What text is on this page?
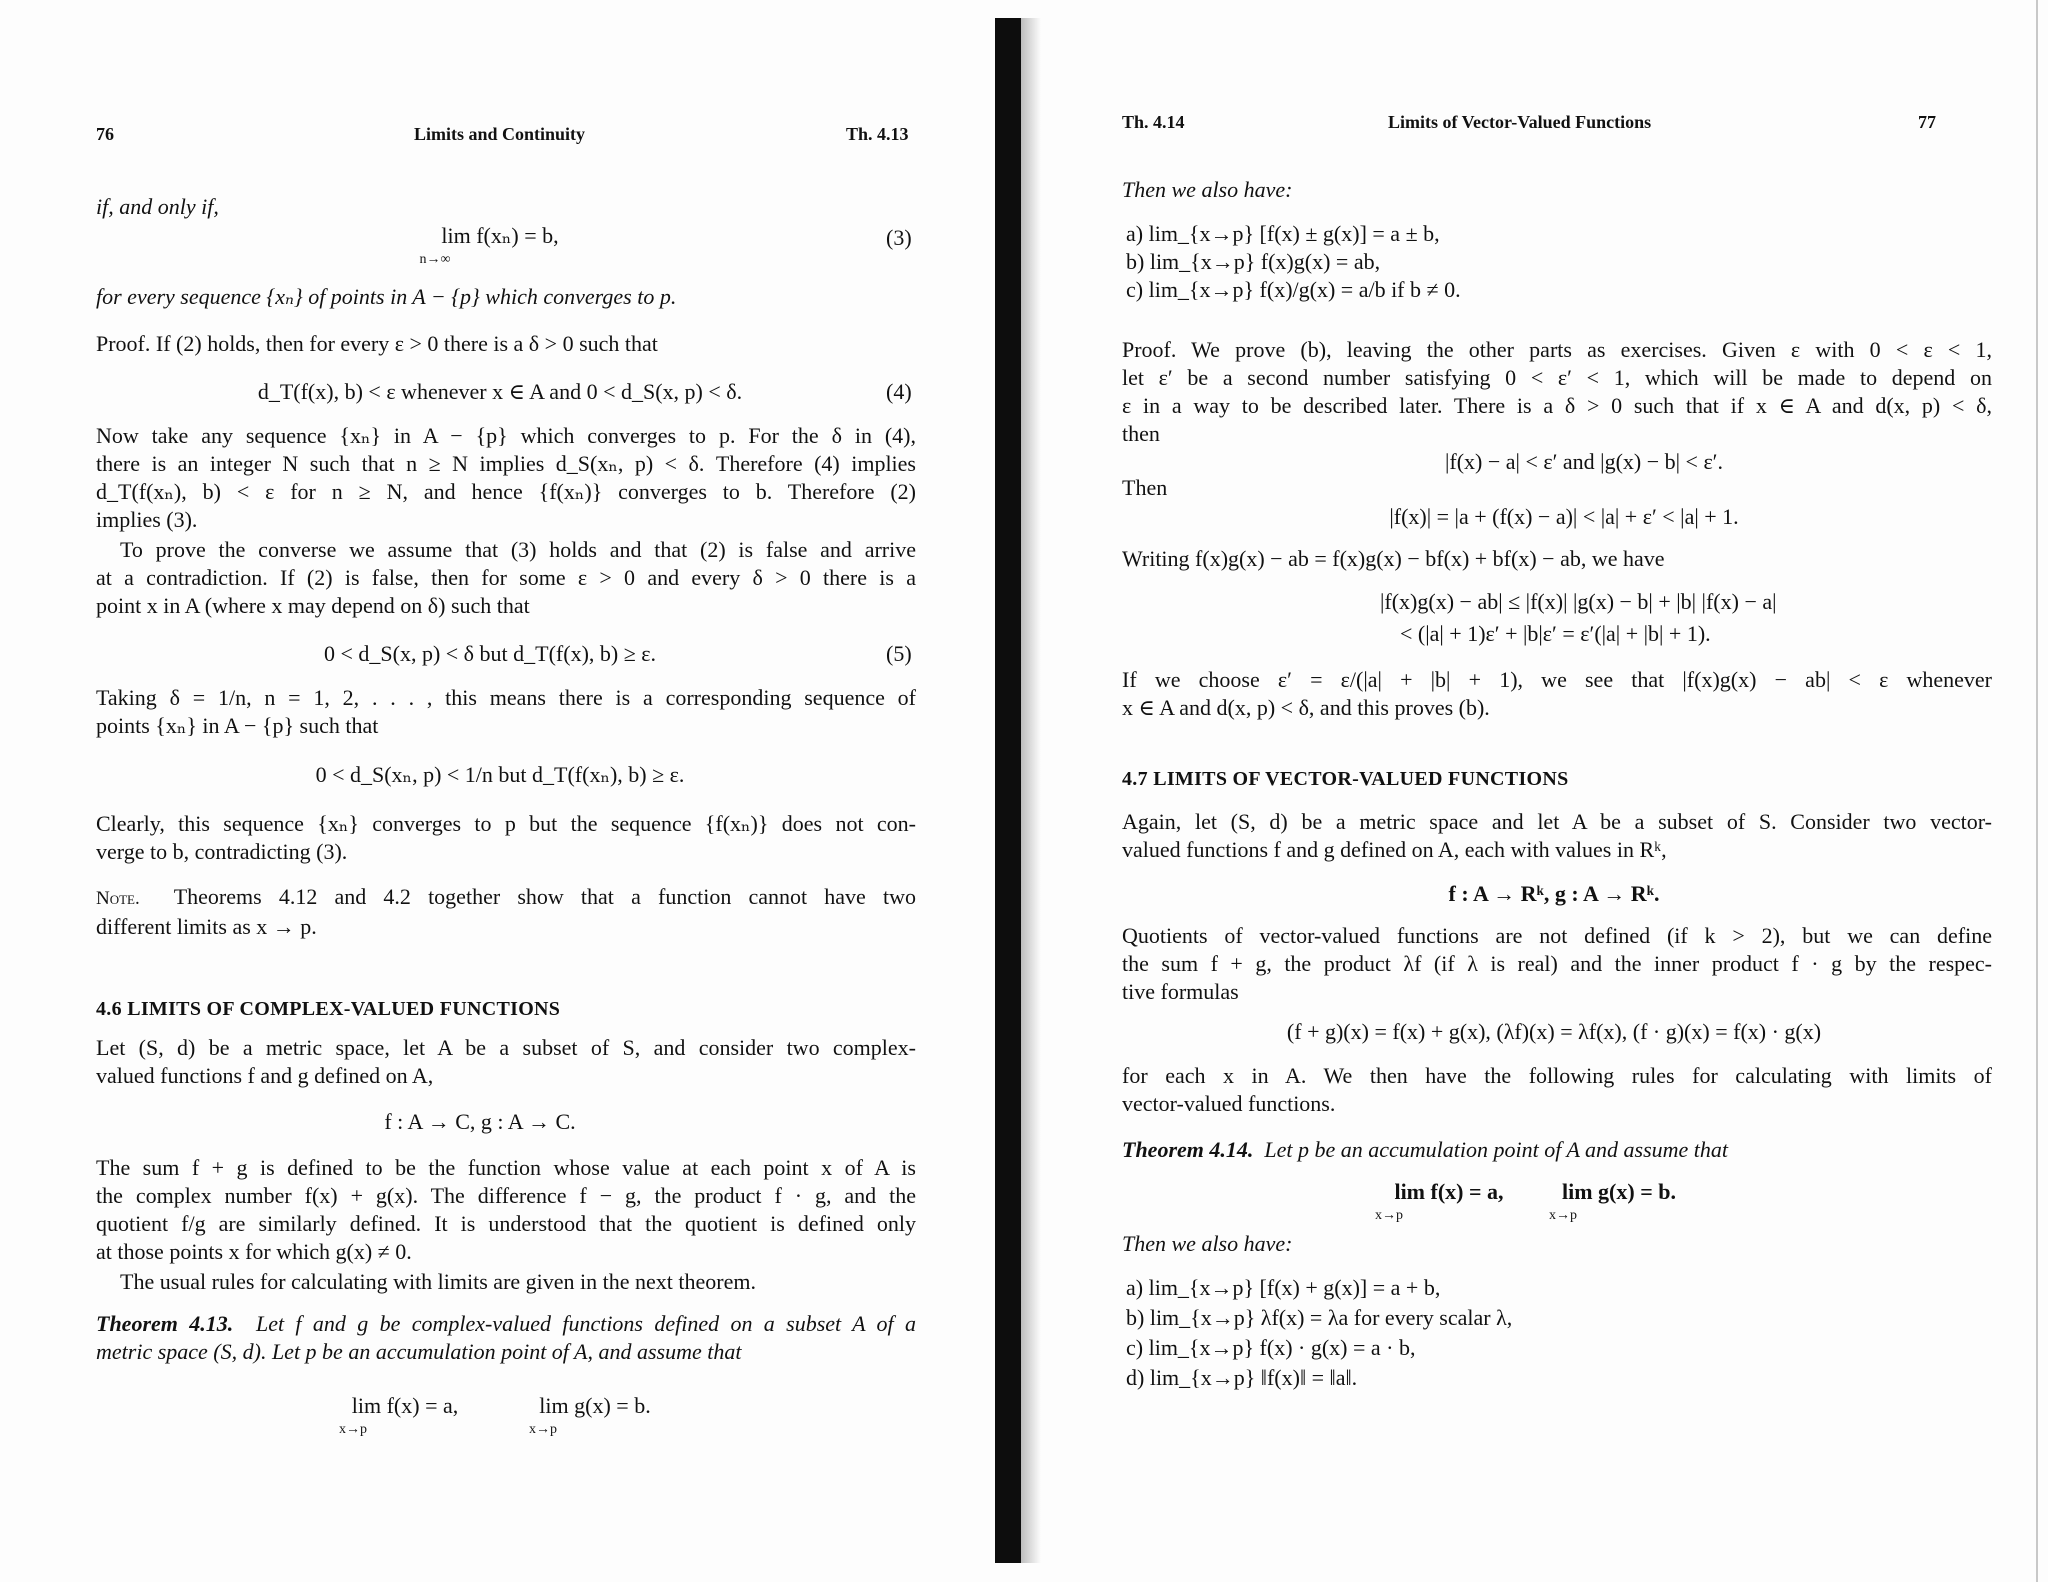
76	Limits and Continuity	Th. 4.13
if, and only if,
lim f(xₙ) = b,
n→∞
(3)
for every sequence {xₙ} of points in A − {p} which converges to p.
Proof. If (2) holds, then for every ε > 0 there is a δ > 0 such that
d_T(f(x), b) < ε whenever x ∈ A and 0 < d_S(x, p) < δ.	(4)
Now take any sequence {xₙ} in A − {p} which converges to p. For the δ in (4),
there is an integer N such that n ≥ N implies d_S(xₙ, p) < δ. Therefore (4) implies
d_T(f(xₙ), b) < ε for n ≥ N, and hence {f(xₙ)} converges to b. Therefore (2)
implies (3).
To prove the converse we assume that (3) holds and that (2) is false and arrive
at a contradiction. If (2) is false, then for some ε > 0 and every δ > 0 there is a
point x in A (where x may depend on δ) such that
0 < d_S(x, p) < δ but d_T(f(x), b) ≥ ε.	(5)
Taking δ = 1/n, n = 1, 2, . . . , this means there is a corresponding sequence of
points {xₙ} in A − {p} such that
0 < d_S(xₙ, p) < 1/n but d_T(f(xₙ), b) ≥ ε.
Clearly, this sequence {xₙ} converges to p but the sequence {f(xₙ)} does not con-
verge to b, contradicting (3).
Note. Theorems 4.12 and 4.2 together show that a function cannot have two
different limits as x → p.
4.6 LIMITS OF COMPLEX-VALUED FUNCTIONS
Let (S, d) be a metric space, let A be a subset of S, and consider two complex-
valued functions f and g defined on A,
f : A → C, g : A → C.
The sum f + g is defined to be the function whose value at each point x of A is
the complex number f(x) + g(x). The difference f − g, the product f · g, and the
quotient f/g are similarly defined. It is understood that the quotient is defined only
at those points x for which g(x) ≠ 0.
The usual rules for calculating with limits are given in the next theorem.
Theorem 4.13. Let f and g be complex-valued functions defined on a subset A of a
metric space (S, d). Let p be an accumulation point of A, and assume that
lim f(x) = a,
x→p
lim g(x) = b.
x→p
Th. 4.14	Limits of Vector-Valued Functions	77
Then we also have:
a) lim_{x→p} [f(x) ± g(x)] = a ± b,
b) lim_{x→p} f(x)g(x) = ab,
c) lim_{x→p} f(x)/g(x) = a/b if b ≠ 0.
Proof. We prove (b), leaving the other parts as exercises. Given ε with 0 < ε < 1,
let ε′ be a second number satisfying 0 < ε′ < 1, which will be made to depend on
ε in a way to be described later. There is a δ > 0 such that if x ∈ A and d(x, p) < δ,
then
|f(x) − a| < ε′ and |g(x) − b| < ε′.
Then
|f(x)| = |a + (f(x) − a)| < |a| + ε′ < |a| + 1.
Writing f(x)g(x) − ab = f(x)g(x) − bf(x) + bf(x) − ab, we have
|f(x)g(x) − ab| ≤ |f(x)| |g(x) − b| + |b| |f(x) − a|
< (|a| + 1)ε′ + |b|ε′ = ε′(|a| + |b| + 1).
If we choose ε′ = ε/(|a| + |b| + 1), we see that |f(x)g(x) − ab| < ε whenever
x ∈ A and d(x, p) < δ, and this proves (b).
4.7 LIMITS OF VECTOR-VALUED FUNCTIONS
Again, let (S, d) be a metric space and let A be a subset of S. Consider two vector-
valued functions f and g defined on A, each with values in Rᵏ,
f : A → Rᵏ, g : A → Rᵏ.
Quotients of vector-valued functions are not defined (if k > 2), but we can define
the sum f + g, the product λf (if λ is real) and the inner product f · g by the respec-
tive formulas
(f + g)(x) = f(x) + g(x), (λf)(x) = λf(x), (f · g)(x) = f(x) · g(x)
for each x in A. We then have the following rules for calculating with limits of
vector-valued functions.
Theorem 4.14. Let p be an accumulation point of A and assume that
lim f(x) = a,
x→p
lim g(x) = b.
x→p
Then we also have:
a) lim_{x→p} [f(x) + g(x)] = a + b,
b) lim_{x→p} λf(x) = λa for every scalar λ,
c) lim_{x→p} f(x) · g(x) = a · b,
d) lim_{x→p} ‖f(x)‖ = ‖a‖.
